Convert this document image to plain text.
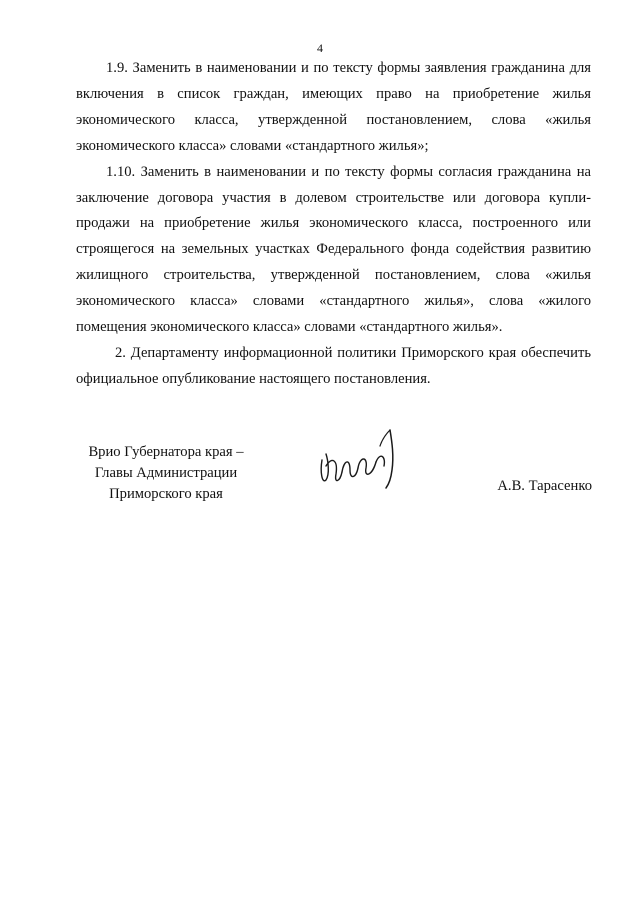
4

1.9. Заменить в наименовании и по тексту формы заявления гражданина для включения в список граждан, имеющих право на приобретение жилья экономического класса, утвержденной постановлением, слова «жилья экономического класса» словами «стандартного жилья»;

1.10. Заменить в наименовании и по тексту формы согласия гражданина на заключение договора участия в долевом строительстве или договора купли-продажи на приобретение жилья экономического класса, построенного или строящегося на земельных участках Федерального фонда содействия развитию жилищного строительства, утвержденной постановлением, слова «жилья экономического класса» словами «стандартного жилья», слова «жилого помещения экономического класса» словами «стандартного жилья».

2. Департаменту информационной политики Приморского края обеспечить официальное опубликование настоящего постановления.

Врио Губернатора края –
Главы Администрации
Приморского края	А.В. Тарасенко
